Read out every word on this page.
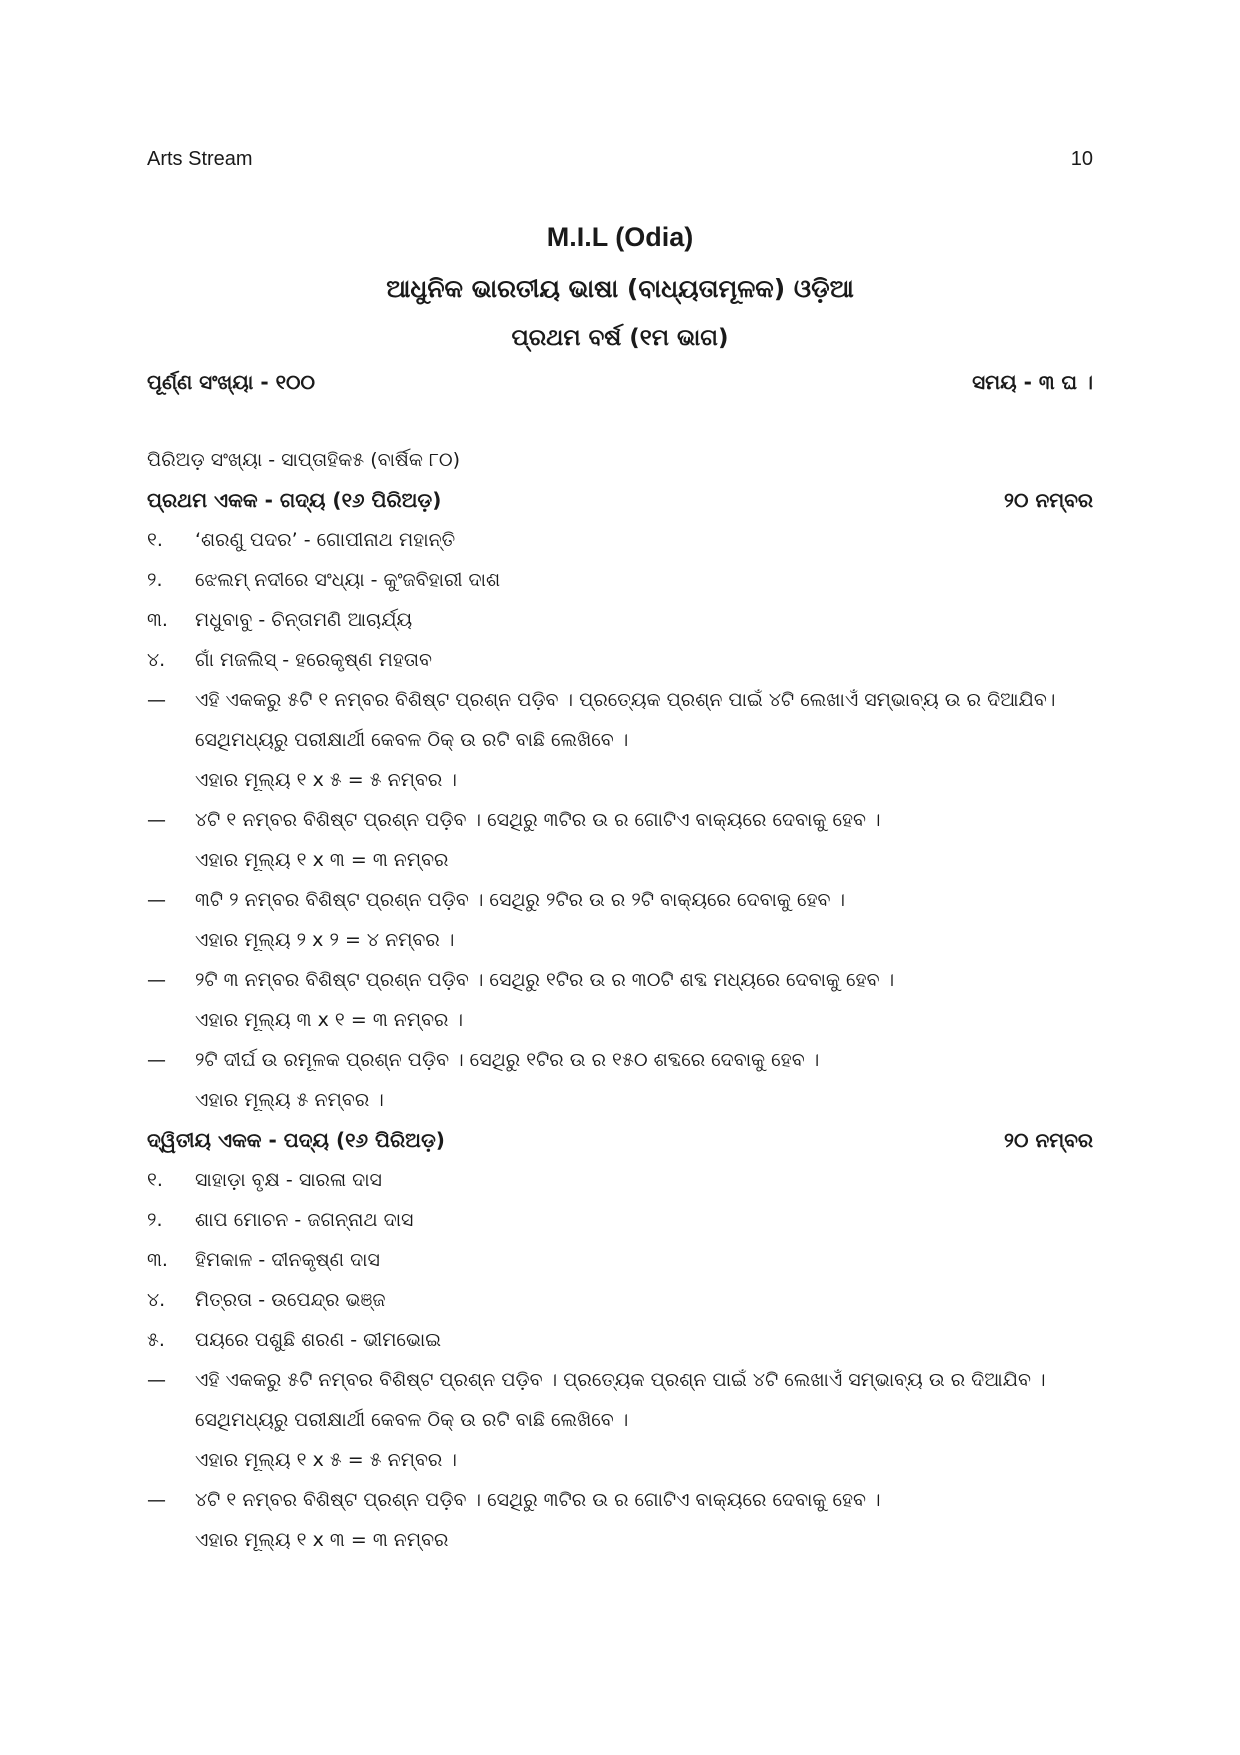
Arts Stream	10
M.I.L (Odia)
ଆଧୁନିକ ଭାରତୀୟ ଭାଷା (ବାଧ୍ୟତାମୂଳକ) ଓଡ଼ିଆ
ପ୍ରଥମ ବର୍ଷ (୧ମ ଭାଗ)
ପୂର୍ଣ୍ଣ ସଂଖ୍ୟା - ୧୦୦	ସମୟ - ୩ ଘ ।
ପିରିଅଡ଼ ସଂଖ୍ୟା - ସାପ୍ତାହିକ୫ (ବାର୍ଷିକ ୮୦)
ପ୍ରଥମ ଏକକ - ଗଦ୍ୟ (୧୬ ପିରିଅଡ଼)	୨୦ ନମ୍ବର
୧.	‘ଶରଣୁ ପଦର’ - ଗୋପୀନାଥ ମହାନ୍ତି
୨.	ଝେଲମ୍ ନଦୀରେ ସଂଧ୍ୟା - କୁଂଜବିହାରୀ ଦାଶ
୩.	ମଧୁବାବୁ - ଚିନ୍ତାମଣି ଆଚାର୍ଯ୍ୟ
୪.	ଗାଁ ମଜଲିସ୍ - ହରେକୃଷ୍ଣ ମହତାବ
—	ଏହି ଏକକରୁ ୫ଟି ୧ ନମ୍ବର ବିଶିଷ୍ଟ ପ୍ରଶ୍ନ ପଡ଼ିବ । ପ୍ରତ୍ୟେକ ପ୍ରଶ୍ନ ପାଇଁ ୪ଟି ଲେଖାଏଁ ସମ୍ଭାବ୍ୟ ଉ ର ଦିଆଯିବ।
ସେଥିମଧ୍ୟରୁ ପରୀକ୍ଷାର୍ଥୀ କେବଳ ଠିକ୍ ଉ ରଟି ବାଛି ଲେଖିବେ ।
ଏହାର ମୂଲ୍ୟ ୧ x ୫ = ୫ ନମ୍ବର ।
—	୪ଟି ୧ ନମ୍ବର ବିଶିଷ୍ଟ ପ୍ରଶ୍ନ ପଡ଼ିବ । ସେଥିରୁ ୩ଟିର ଉ ର ଗୋଟିଏ ବାକ୍ୟରେ ଦେବାକୁ ହେବ ।
ଏହାର ମୂଲ୍ୟ ୧ x ୩ = ୩ ନମ୍ବର
—	୩ଟି ୨ ନମ୍ବର ବିଶିଷ୍ଟ ପ୍ରଶ୍ନ ପଡ଼ିବ । ସେଥିରୁ ୨ଟିର ଉ ର ୨ଟି ବାକ୍ୟରେ ଦେବାକୁ ହେବ ।
ଏହାର ମୂଲ୍ୟ ୨ x ୨ = ୪ ନମ୍ବର ।
—	୨ଟି ୩ ନମ୍ବର ବିଶିଷ୍ଟ ପ୍ରଶ୍ନ ପଡ଼ିବ । ସେଥିରୁ ୧ଟିର ଉ ର ୩୦ଟି ଶବ୍ଦ ମଧ୍ୟରେ ଦେବାକୁ ହେବ ।
ଏହାର ମୂଲ୍ୟ ୩ x ୧ = ୩ ନମ୍ବର ।
—	୨ଟି ଦୀର୍ଘ ଉ ରମୂଳକ ପ୍ରଶ୍ନ ପଡ଼ିବ । ସେଥିରୁ ୧ଟିର ଉ ର ୧୫୦ ଶବ୍ଦରେ ଦେବାକୁ ହେବ ।
ଏହାର ମୂଲ୍ୟ ୫ ନମ୍ବର ।
ଦ୍ୱିତୀୟ ଏକକ - ପଦ୍ୟ (୧୬ ପିରିଅଡ଼)	୨୦ ନମ୍ବର
୧.	ସାହାଡ଼ା ବୃକ୍ଷ - ସାରଳା ଦାସ
୨.	ଶାପ ମୋଚନ - ଜଗନ୍ନାଥ ଦାସ
୩.	ହିମକାଳ - ଦୀନକୃଷ୍ଣ ଦାସ
୪.	ମିତ୍ରତା - ଉପେନ୍ଦ୍ର ଭଞ୍ଜ
୫.	ପୟରେ ପଶୁଛି ଶରଣ - ଭୀମଭୋଇ
—	ଏହି ଏକକରୁ ୫ଟି ନମ୍ବର ବିଶିଷ୍ଟ ପ୍ରଶ୍ନ ପଡ଼ିବ । ପ୍ରତ୍ୟେକ ପ୍ରଶ୍ନ ପାଇଁ ୪ଟି ଲେଖାଏଁ ସମ୍ଭାବ୍ୟ ଉ ର ଦିଆଯିବ ।
ସେଥିମଧ୍ୟରୁ ପରୀକ୍ଷାର୍ଥୀ କେବଳ ଠିକ୍ ଉ ରଟି ବାଛି ଲେଖିବେ ।
ଏହାର ମୂଲ୍ୟ ୧ x ୫ = ୫ ନମ୍ବର ।
—	୪ଟି ୧ ନମ୍ବର ବିଶିଷ୍ଟ ପ୍ରଶ୍ନ ପଡ଼ିବ । ସେଥିରୁ ୩ଟିର ଉ ର ଗୋଟିଏ ବାକ୍ୟରେ ଦେବାକୁ ହେବ ।
ଏହାର ମୂଲ୍ୟ ୧ x ୩ = ୩ ନମ୍ବର
